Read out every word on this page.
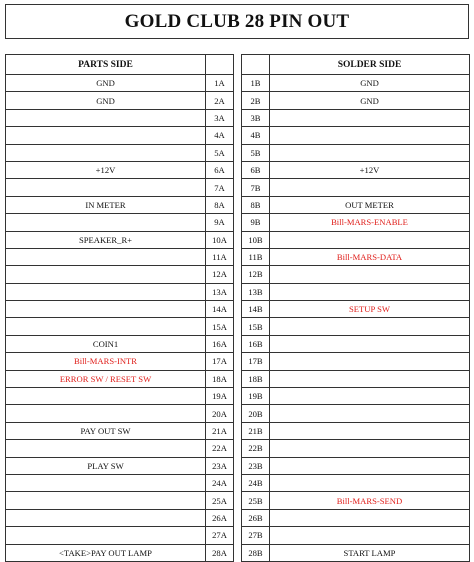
GOLD CLUB 28 PIN OUT
PARTS SIDE				SOLDER SIDE
GND	1A		1B	GND
GND	2A		2B	GND
	3A		3B	
	4A		4B	
	5A		5B	
+12V	6A		6B	+12V
	7A		7B	
IN METER	8A		8B	OUT METER
	9A		9B	Bill-MARS-ENABLE
SPEAKER_R+	10A		10B	
	11A		11B	Bill-MARS-DATA
	12A		12B	
	13A		13B	
	14A		14B	SETUP SW
	15A		15B	
COIN1	16A		16B	
Bill-MARS-INTR	17A		17B	
ERROR SW / RESET SW	18A		18B	
	19A		19B	
	20A		20B	
PAY OUT SW	21A		21B	
	22A		22B	
PLAY SW	23A		23B	
	24A		24B	
	25A		25B	Bill-MARS-SEND
	26A		26B	
	27A		27B	
<TAKE>PAY OUT LAMP	28A		28B	START LAMP
